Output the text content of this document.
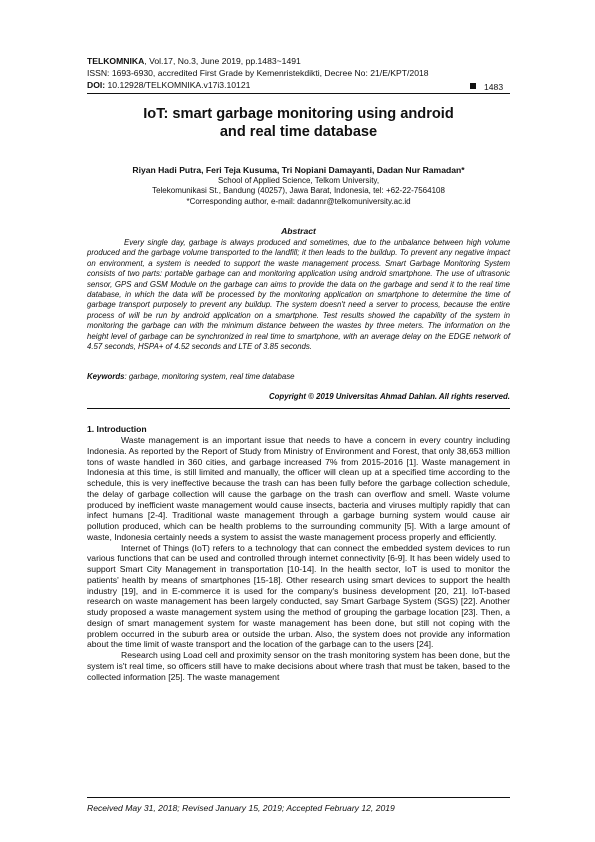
TELKOMNIKA, Vol.17, No.3, June 2019, pp.1483~1491
ISSN: 1693-6930, accredited First Grade by Kemenristekdikti, Decree No: 21/E/KPT/2018
DOI: 10.12928/TELKOMNIKA.v17i3.10121	1483
IoT: smart garbage monitoring using android
and real time database
Riyan Hadi Putra, Feri Teja Kusuma, Tri Nopiani Damayanti, Dadan Nur Ramadan*
School of Applied Science, Telkom University,
Telekomunikasi St., Bandung (40257), Jawa Barat, Indonesia, tel: +62-22-7564108
*Corresponding author, e-mail: dadannr@telkomuniversity.ac.id
Abstract

Every single day, garbage is always produced and sometimes, due to the unbalance between high volume produced and the garbage volume transported to the landfill; it then leads to the buildup. To prevent any negative impact on environment, a system is needed to support the waste management process. Smart Garbage Monitoring System consists of two parts: portable garbage can and monitoring application using android smartphone. The use of ultrasonic sensor, GPS and GSM Module on the garbage can aims to provide the data on the garbage and send it to the real time database, in which the data will be processed by the monitoring application on smartphone to determine the time of garbage transport purposely to prevent any buildup. The system doesn't need a server to process, because the entire process of will be run by android application on a smartphone. Test results showed the capability of the system in monitoring the garbage can with the minimum distance between the wastes by three meters. The information on the height level of garbage can be synchronized in real time to smartphone, with an average delay on the EDGE network of 4.57 seconds, HSPA+ of 4.52 seconds and LTE of 3.85 seconds.

Keywords: garbage, monitoring system, real time database
Copyright © 2019 Universitas Ahmad Dahlan. All rights reserved.
1. Introduction

Waste management is an important issue that needs to have a concern in every country including Indonesia. As reported by the Report of Study from Ministry of Environment and Forest, that only 38,653 million tons of waste handled in 360 cities, and garbage increased 7% from 2015-2016 [1]. Waste management in Indonesia at this time, is still limited and manually, the officer will clean up at a specified time according to the schedule, this is very ineffective because the trash can has been fully before the garbage collection schedule, the delay of garbage collection will cause the garbage on the trash can overflow and smell. Waste volume produced by inefficient waste management would cause insects, bacteria and viruses multiply rapidly that can infect humans [2-4]. Traditional waste management through a garbage burning system would cause air pollution produced, which can be health problems to the surrounding community [5]. With a large amount of waste, Indonesia certainly needs a system to assist the waste management process properly and efficiently.

Internet of Things (IoT) refers to a technology that can connect the embedded system devices to run various functions that can be used and controlled through internet connectivity [6-9]. It has been widely used to support Smart City Management in transportation [10-14]. In the health sector, IoT is used to monitor the patients' health by means of smartphones [15-18]. Other research using smart devices to support the health industry [19], and in E-commerce it is used for the company's business development [20, 21]. IoT-based research on waste management has been largely conducted, say Smart Garbage System (SGS) [22]. Another study proposed a waste management system using the method of grouping the garbage location [23]. Then, a design of smart management system for waste management has been done, but still not coping with the problem occurred in the suburb area or outside the urban. Also, the system does not provide any information about the time limit of waste transport and the location of the garbage can to the users [24].

Research using Load cell and proximity sensor on the trash monitoring system has been done, but the system is't real time, so officers still have to make decisions about where trash that must be taken, based to the collected information [25]. The waste management

Received May 31, 2018; Revised January 15, 2019; Accepted February 12, 2019
